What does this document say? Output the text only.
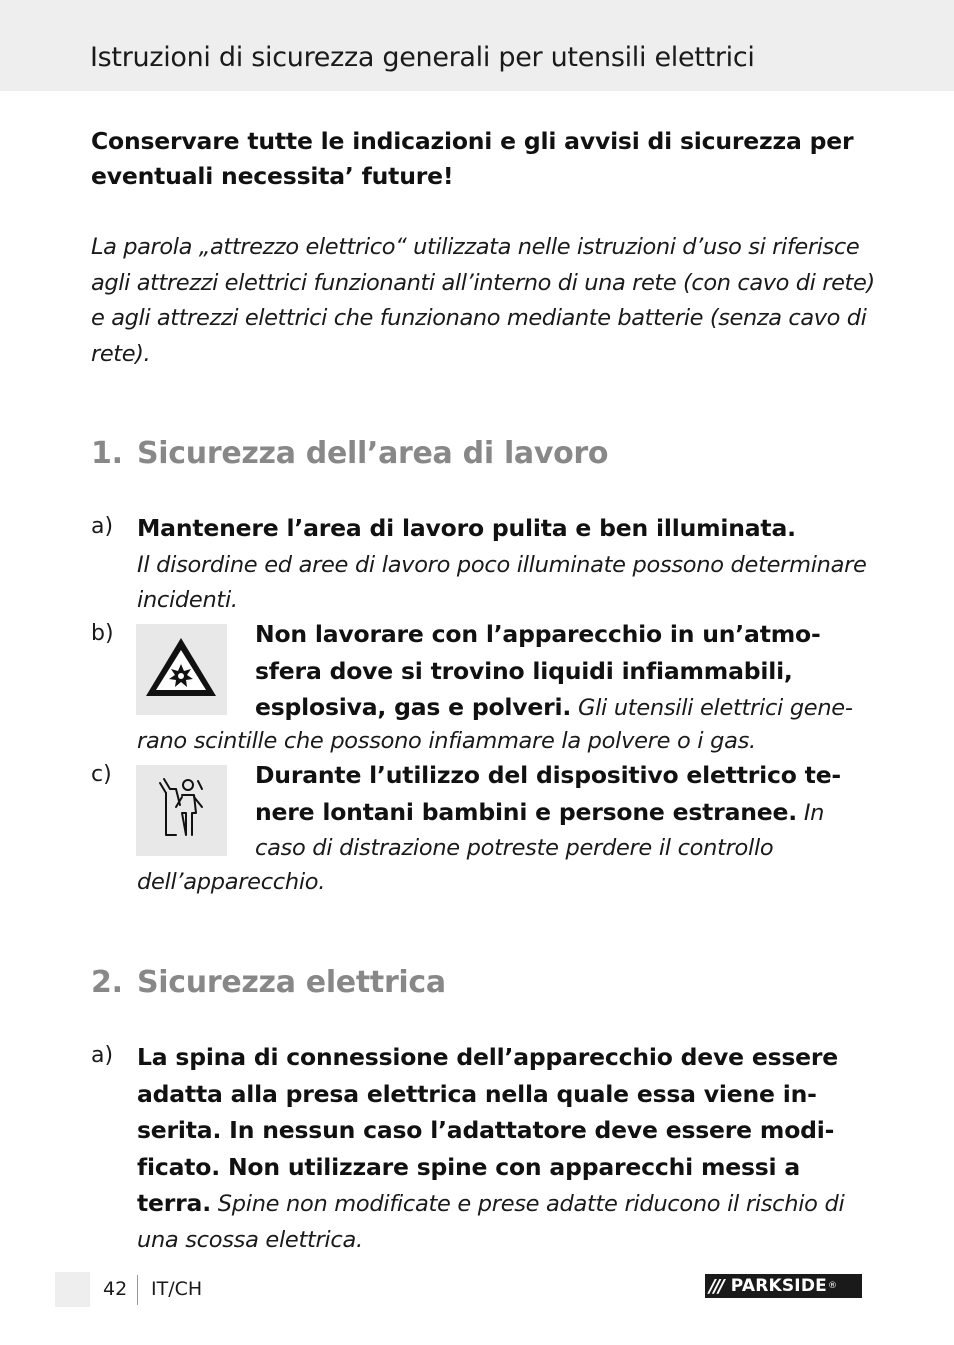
Istruzioni di sicurezza generali per utensili elettrici
Conservare tutte le indicazioni e gli avvisi di sicurezza per eventuali necessita’ future!
La parola „attrezzo elettrico“ utilizzata nelle istruzioni d’uso si riferisce agli attrezzi elettrici funzionanti all’interno di una rete (con cavo di rete) e agli attrezzi elettrici che funzionano mediante batterie (senza cavo di rete).
1. Sicurezza dell’area di lavoro
a) Mantenere l’area di lavoro pulita e ben illuminata.
Il disordine ed aree di lavoro poco illuminate possono determinare incidenti.
b)	Non lavorare con l’apparecchio in un’atmo-
sfera dove si trovino liquidi infiammabili,
esplosiva, gas e polveri. Gli utensili elettrici gene-
rano scintille che possono infiammare la polvere o i gas.
c)	Durante l’utilizzo del dispositivo elettrico te-
nere lontani bambini e persone estranee. In
caso di distrazione potreste perdere il controllo
dell’apparecchio.
2. Sicurezza elettrica
a) La spina di connessione dell’apparecchio deve essere adatta alla presa elettrica nella quale essa viene in-serita. In nessun caso l’adattatore deve essere modi-ficato. Non utilizzare spine con apparecchi messi a terra. Spine non modificate e prese adatte riducono il rischio di una scossa elettrica.
42 IT/CH	/// PARKSIDE ®
